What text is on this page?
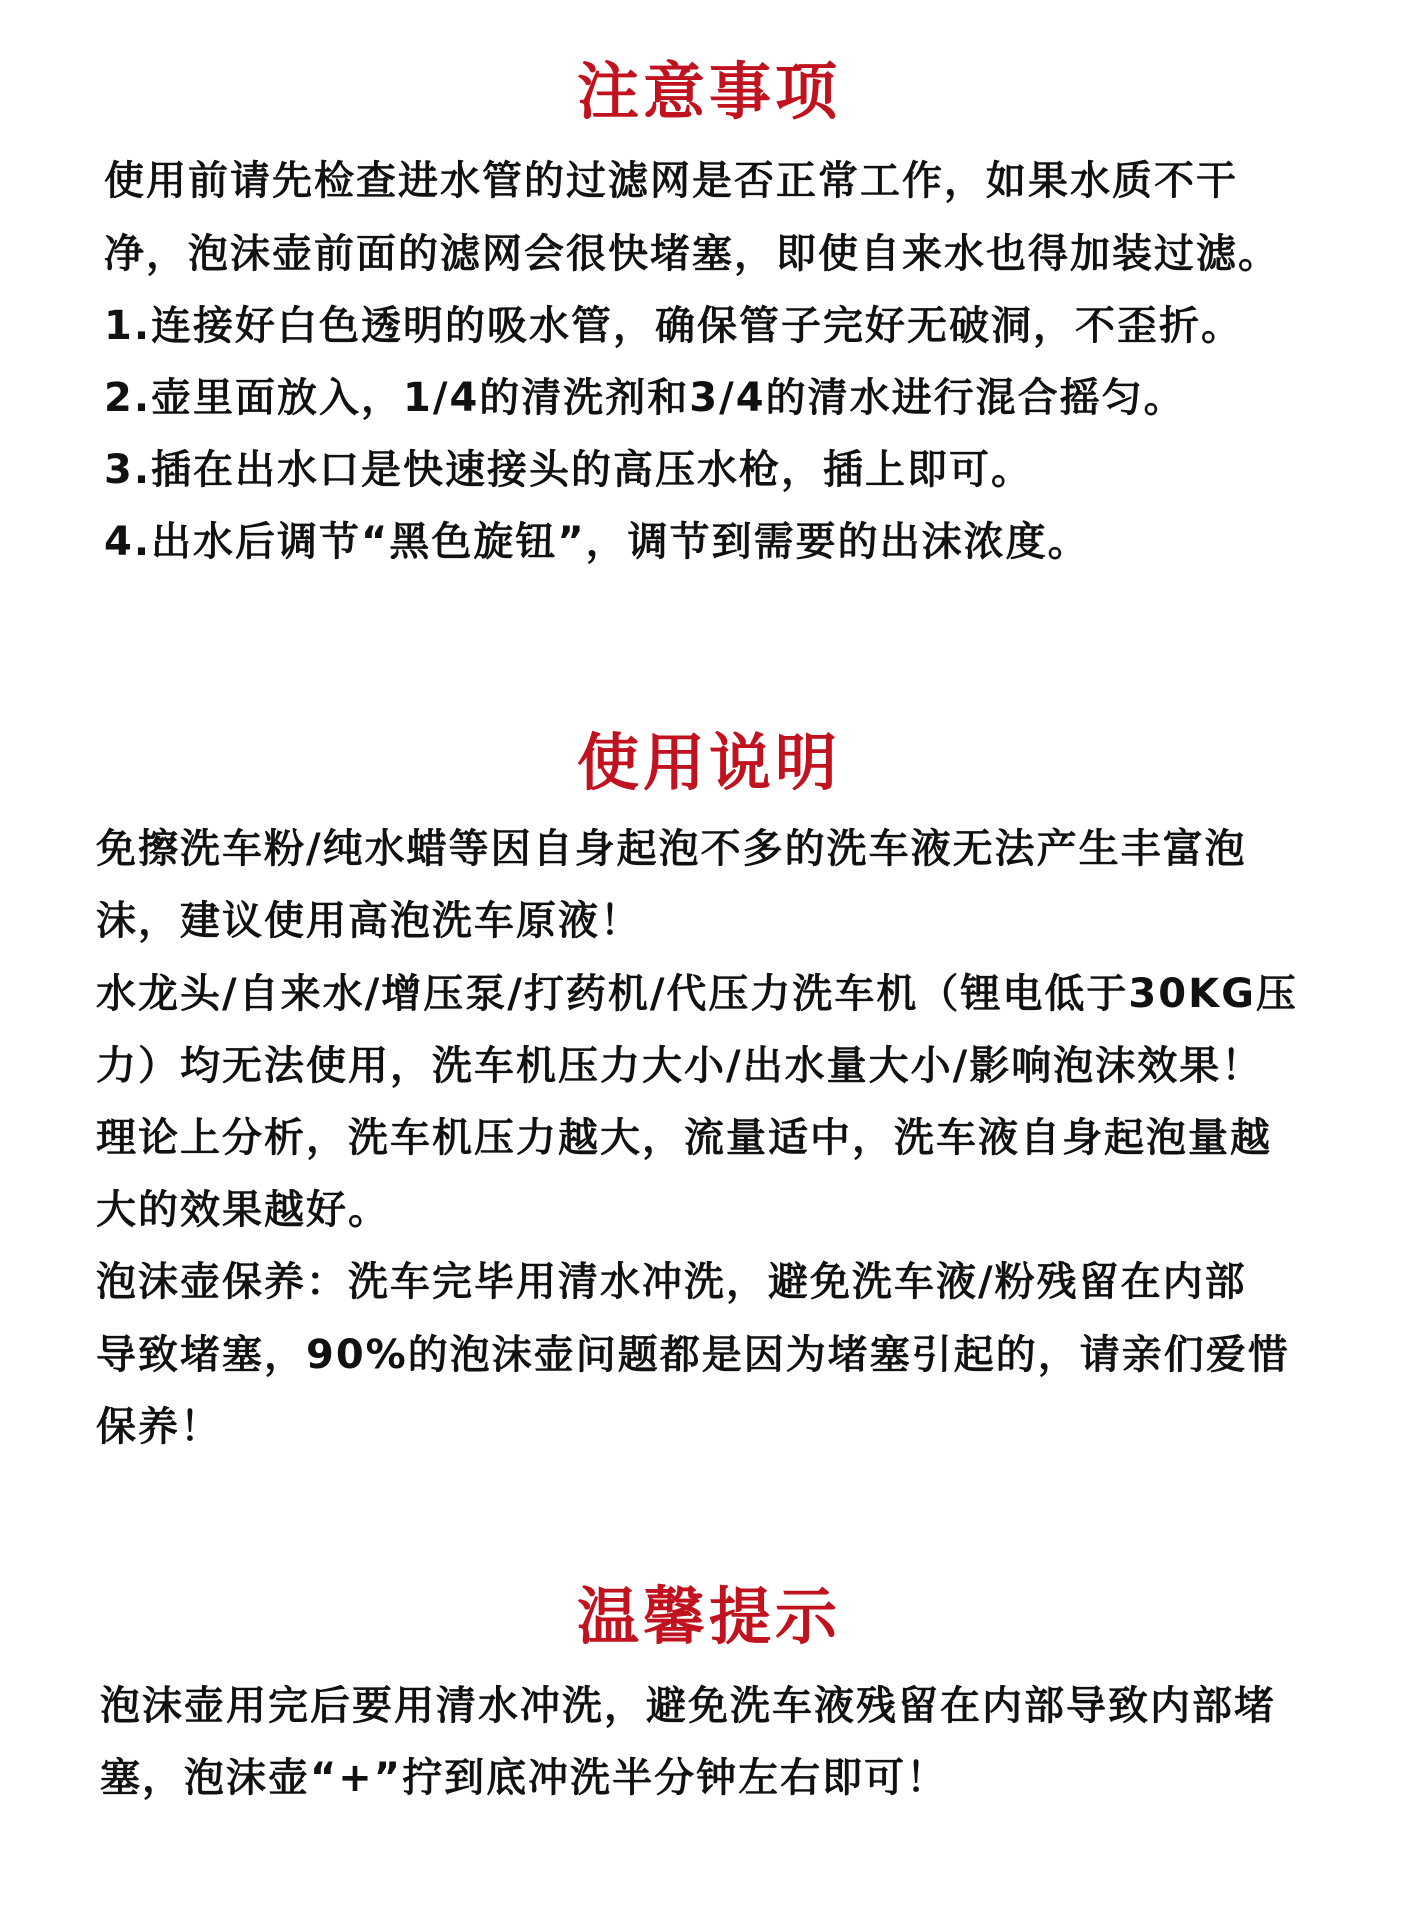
注意事项

使用前请先检查进水管的过滤网是否正常工作，如果水质不干

净，泡沫壶前面的滤网会很快堵塞，即使自来水也得加装过滤。

1.连接好白色透明的吸水管，确保管子完好无破洞，不歪折。

2.壶里面放入，1/4的清洗剂和3/4的清水进行混合摇匀。

3.插在出水口是快速接头的高压水枪，插上即可。

4.出水后调节“黑色旋钮”，调节到需要的出沫浓度。

使用说明

免擦洗车粉/纯水蜡等因自身起泡不多的洗车液无法产生丰富泡

沫，建议使用高泡洗车原液！

水龙头/自来水/增压泵/打药机/代压力洗车机（锂电低于30KG压

力）均无法使用，洗车机压力大小/出水量大小/影响泡沫效果！

理论上分析，洗车机压力越大，流量适中，洗车液自身起泡量越

大的效果越好。

泡沫壶保养：洗车完毕用清水冲洗，避免洗车液/粉残留在内部

导致堵塞，90%的泡沫壶问题都是因为堵塞引起的，请亲们爱惜

保养！

温馨提示

泡沫壶用完后要用清水冲洗，避免洗车液残留在内部导致内部堵

塞，泡沫壶“+”拧到底冲洗半分钟左右即可！
